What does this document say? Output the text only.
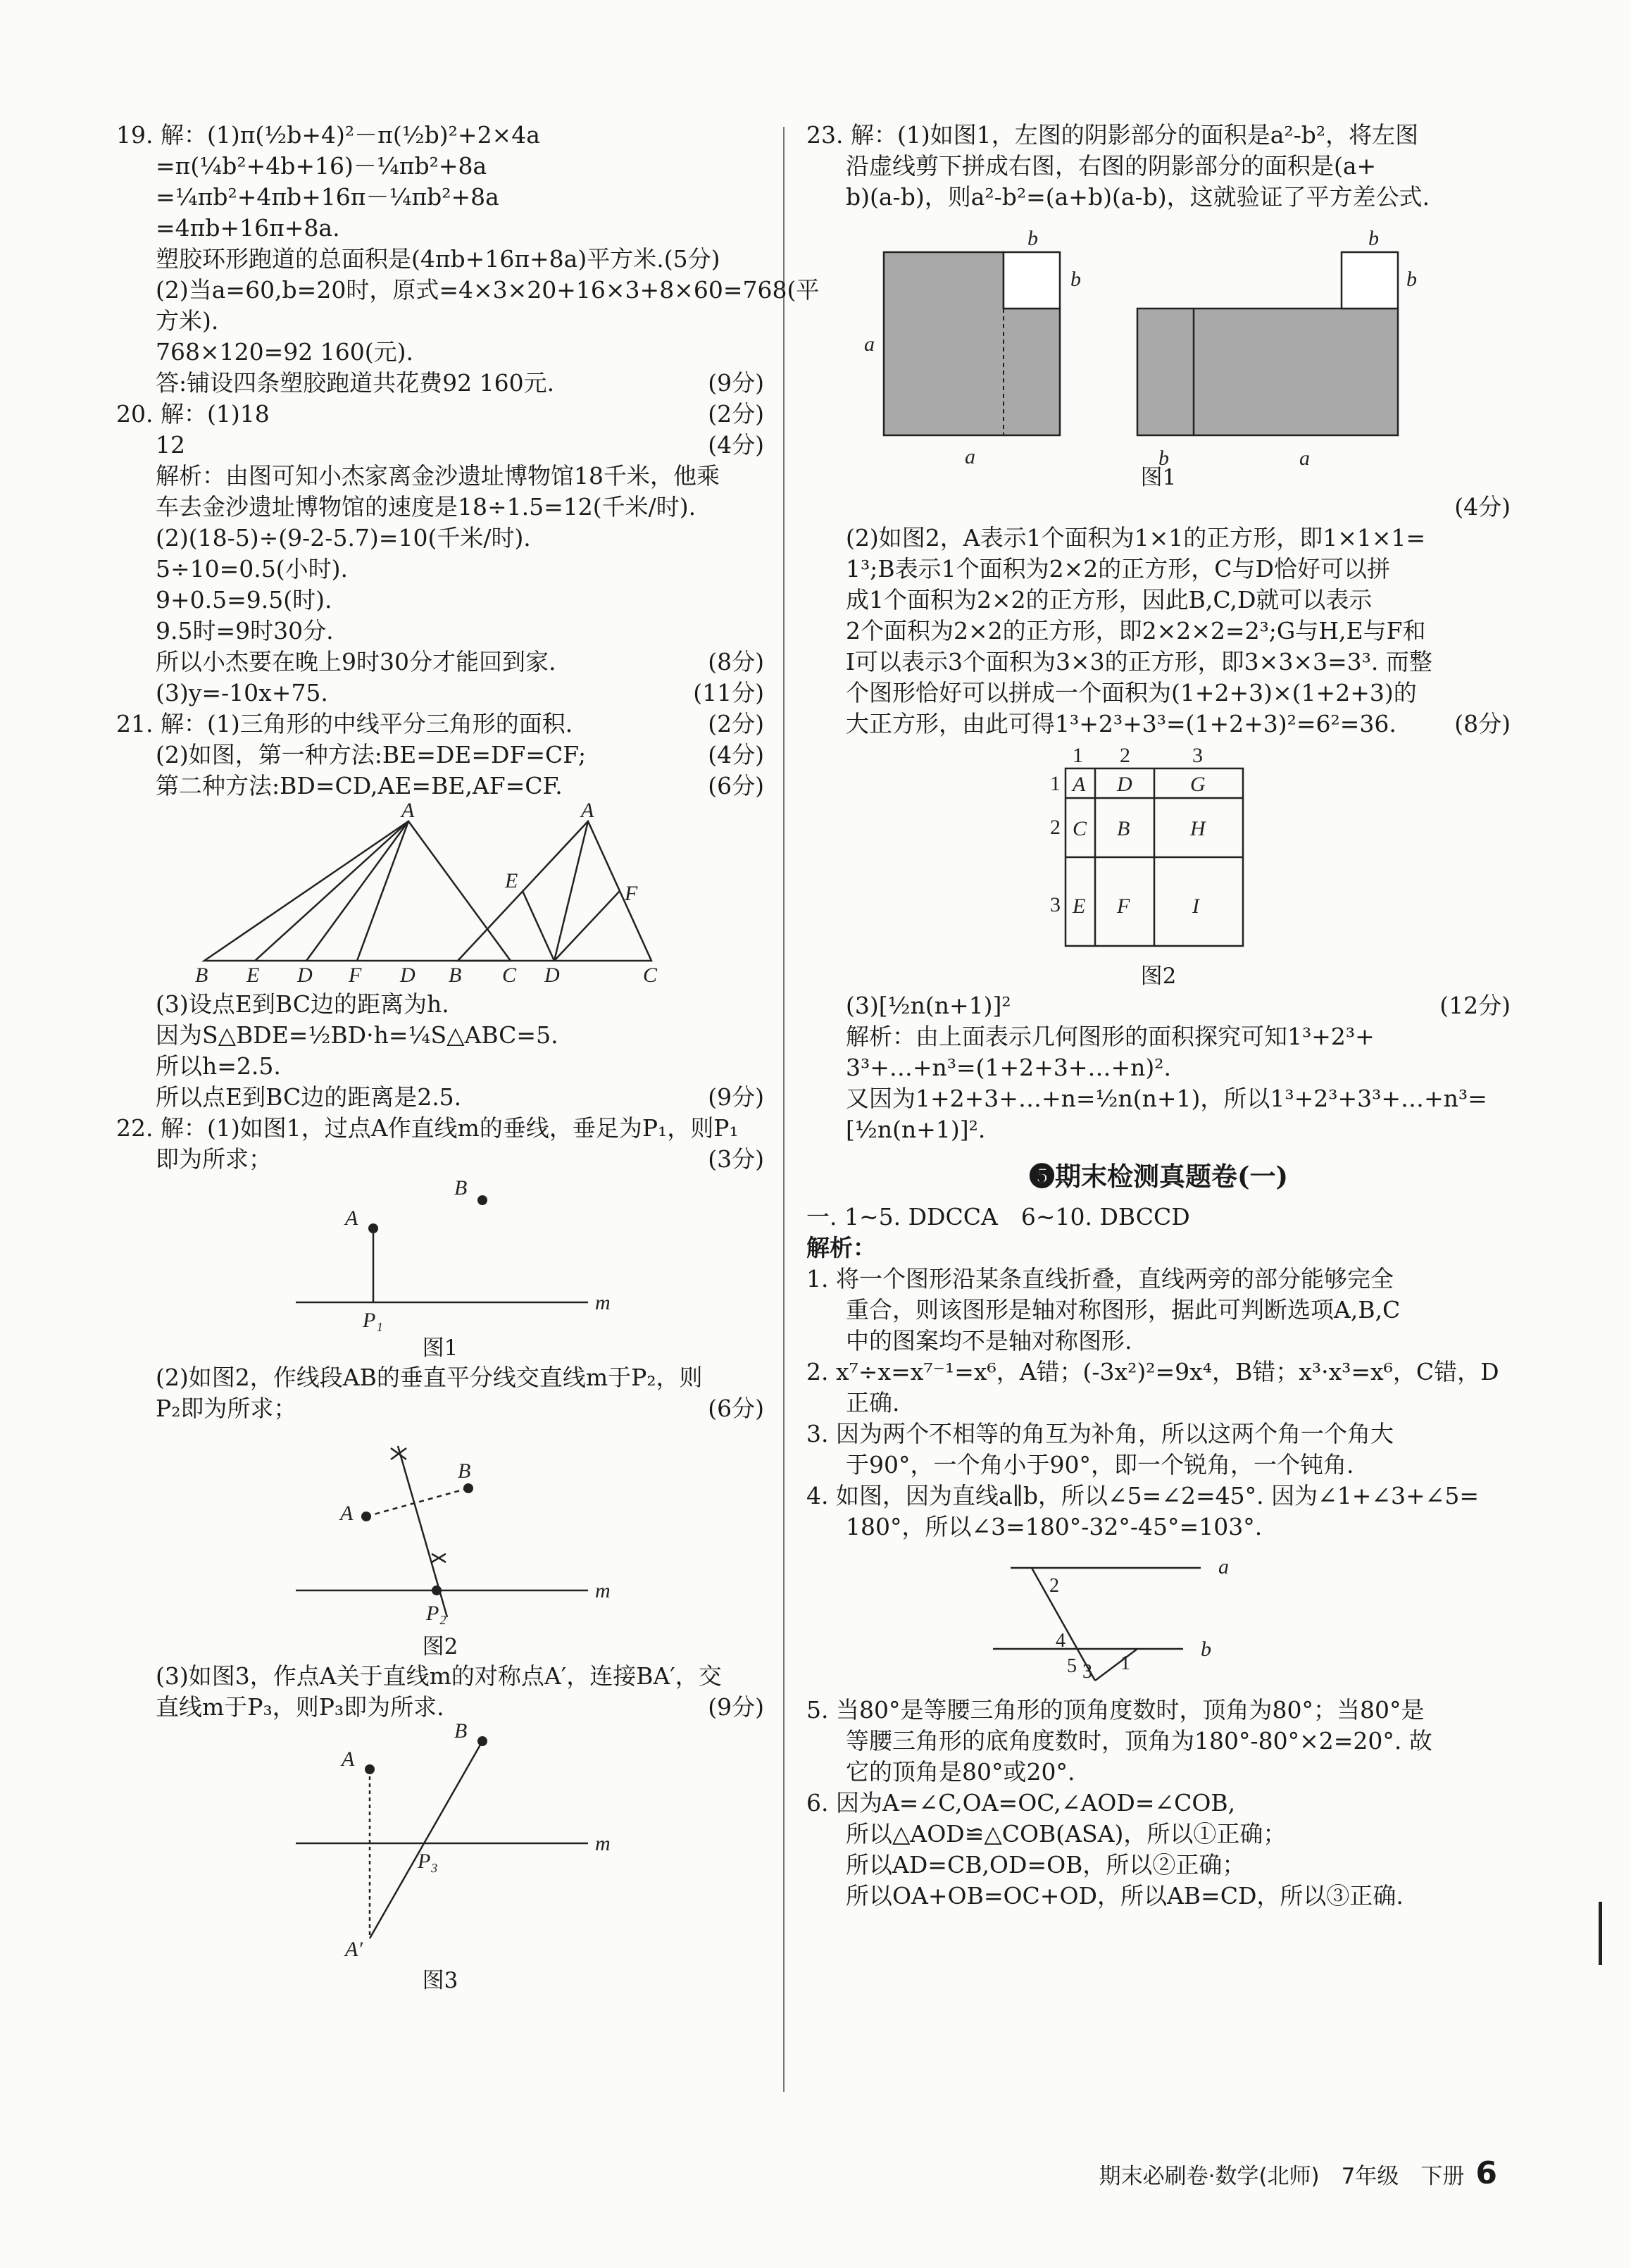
19. 解：(1)π(½b+4)²－π(½b)²+2×4a
=π(¼b²+4b+16)－¼πb²+8a
=¼πb²+4πb+16π－¼πb²+8a
=4πb+16π+8a.
塑胶环形跑道的总面积是(4πb+16π+8a)平方米.(5分)
(2)当a=60,b=20时，原式=4×3×20+16×3+8×60=768(平
方米).
768×120=92 160(元).
答:铺设四条塑胶跑道共花费92 160元.	(9分)
20. 解：(1)18	(2分)
12	(4分)
解析：由图可知小杰家离金沙遗址博物馆18千米，他乘
车去金沙遗址博物馆的速度是18÷1.5=12(千米/时).
(2)(18-5)÷(9-2-5.7)=10(千米/时).
5÷10=0.5(小时).
9+0.5=9.5(时).
9.5时=9时30分.
所以小杰要在晚上9时30分才能回到家.	(8分)
(3)y=-10x+75.	(11分)
21. 解：(1)三角形的中线平分三角形的面积.	(2分)
(2)如图，第一种方法:BE=DE=DF=CF;	(4分)
第二种方法:BD=CD,AE=BE,AF=CF.	(6分)
A
B E D F D	C
A
B	D	C
E
F
(3)设点E到BC边的距离为h.
因为S△BDE=½BD·h=¼S△ABC=5.
所以h=2.5.
所以点E到BC边的距离是2.5.	(9分)
22. 解：(1)如图1，过点A作直线m的垂线，垂足为P₁，则P₁
即为所求；	(3分)
A
B
P₁
m
图1
(2)如图2，作线段AB的垂直平分线交直线m于P₂，则
P₂即为所求；	(6分)
A
B
P₂
m
图2
(3)如图3，作点A关于直线m的对称点A′，连接BA′，交
直线m于P₃，则P₃即为所求.	(9分)
A
B
P₃
A′
m
图3
23. 解：(1)如图1，左图的阴影部分的面积是a²-b²，将左图
沿虚线剪下拼成右图，右图的阴影部分的面积是(a+
b)(a-b)，则a²-b²=(a+b)(a-b)，这就验证了平方差公式.
b
b
a
a
b
b
b	a
图1
(4分)
(2)如图2，A表示1个面积为1×1的正方形，即1×1×1=
1³;B表示1个面积为2×2的正方形，C与D恰好可以拼
成1个面积为2×2的正方形，因此B,C,D就可以表示
2个面积为2×2的正方形，即2×2×2=2³;G与H,E与F和
I可以表示3个面积为3×3的正方形，即3×3×3=3³. 而整
个图形恰好可以拼成一个面积为(1+2+3)×(1+2+3)的
大正方形，由此可得1³+2³+3³=(1+2+3)²=6²=36. (8分)
1 2	3
1
2
3
A D	G
C B	H
E F	I
图2
(3)[½n(n+1)]²	(12分)
解析：由上面表示几何图形的面积探究可知1³+2³+
3³+…+n³=(1+2+3+…+n)².
又因为1+2+3+…+n=½n(n+1)，所以1³+2³+3³+…+n³=
[½n(n+1)]².
❺期末检测真题卷(一)
一. 1~5. DDCCA　6~10. DBCCD
解析：
1. 将一个图形沿某条直线折叠，直线两旁的部分能够完全
重合，则该图形是轴对称图形，据此可判断选项A,B,C
中的图案均不是轴对称图形.
2. x⁷÷x=x⁷⁻¹=x⁶，A错；(-3x²)²=9x⁴，B错；x³·x³=x⁶，C错，D
正确.
3. 因为两个不相等的角互为补角，所以这两个角一个角大
于90°，一个角小于90°，即一个锐角，一个钝角.
4. 如图，因为直线a∥b，所以∠5=∠2=45°. 因为∠1+∠3+∠5=
180°，所以∠3=180°-32°-45°=103°.
2
4
5 3 1
a
b
5. 当80°是等腰三角形的顶角度数时，顶角为80°；当80°是
等腰三角形的底角度数时，顶角为180°-80°×2=20°. 故
它的顶角是80°或20°.
6. 因为A=∠C,OA=OC,∠AOD=∠COB,
所以△AOD≌△COB(ASA)，所以①正确；
所以AD=CB,OD=OB，所以②正确；
所以OA+OB=OC+OD，所以AB=CD，所以③正确.
期末必刷卷·数学(北师)　7年级　下册 6
